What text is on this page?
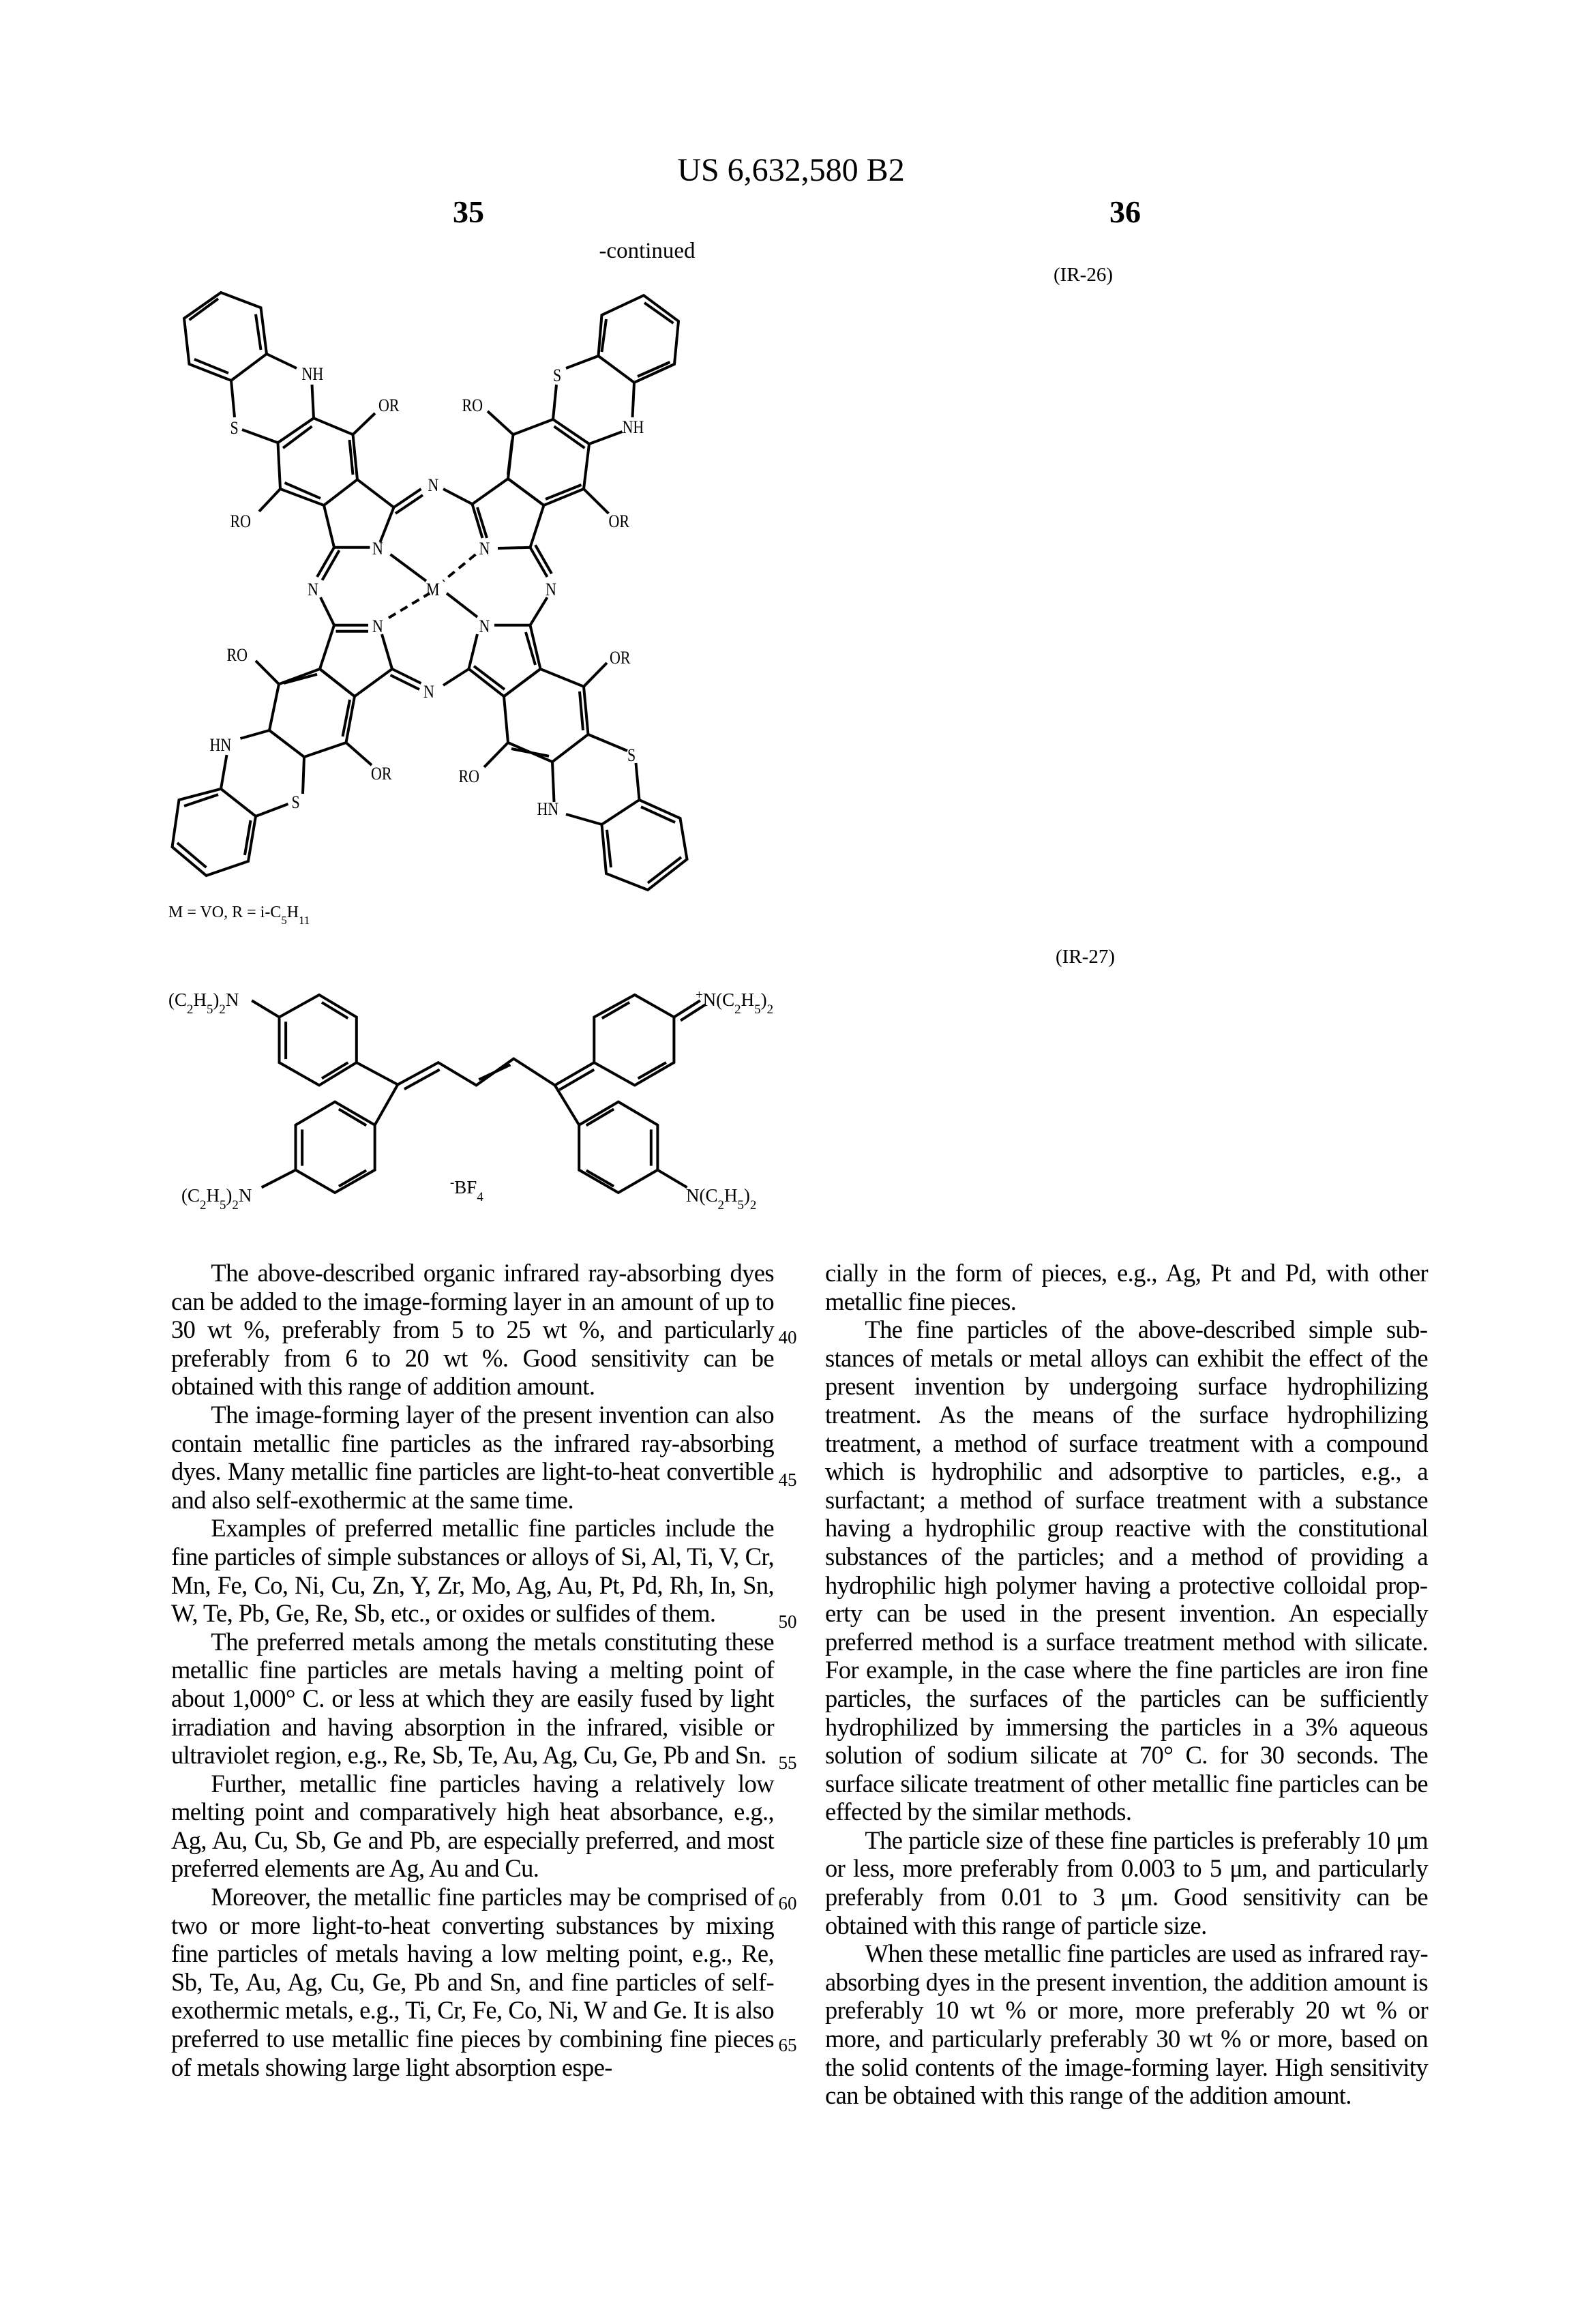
US 6,632,580 B2
35	36
-continued
(IR-26)
NH
S
OR
RO
S
NH
RO
OR
N
N	N
N	M	N
N	N
N
RO
OR
HN
S
OR
RO
S
HN
M = VO, R = i-C5H11
(IR-27)
(C2H5)2N	+N(C2H5)2
(C2H5)2N	N(C2H5)2
-BF4

The above-described organic infrared ray-absorbing dyes can be added to the image-forming layer in an amount of up to 30 wt %, preferably from 5 to 25 wt %, and particularly preferably from 6 to 20 wt %. Good sensitivity can be obtained with this range of addition amount.

The image-forming layer of the present invention can also contain metallic fine particles as the infrared ray-absorbing dyes. Many metallic fine particles are light-to-heat convert­ible and also self-exothermic at the same time.

Examples of preferred metallic fine particles include the fine particles of simple substances or alloys of Si, Al, Ti, V, Cr, Mn, Fe, Co, Ni, Cu, Zn, Y, Zr, Mo, Ag, Au, Pt, Pd, Rh, In, Sn, W, Te, Pb, Ge, Re, Sb, etc., or oxides or sulfides of them.

The preferred metals among the metals constituting these metallic fine particles are metals having a melting point of about 1,000° C. or less at which they are easily fused by light irradiation and having absorption in the infrared, visible or ultraviolet region, e.g., Re, Sb, Te, Au, Ag, Cu, Ge, Pb and Sn.

Further, metallic fine particles having a relatively low melting point and comparatively high heat absorbance, e.g., Ag, Au, Cu, Sb, Ge and Pb, are especially preferred, and most preferred elements are Ag, Au and Cu.

Moreover, the metallic fine particles may be comprised of two or more light-to-heat converting substances by mixing fine particles of metals having a low melting point, e.g., Re, Sb, Te, Au, Ag, Cu, Ge, Pb and Sn, and fine particles of self-exothermic metals, e.g., Ti, Cr, Fe, Co, Ni, W and Ge. It is also preferred to use metallic fine pieces by combining fine pieces of metals showing large light absorption espe-

cially in the form of pieces, e.g., Ag, Pt and Pd, with other metallic fine pieces.

The fine particles of the above-described simple sub­stances of metals or metal alloys can exhibit the effect of the present invention by undergoing surface hydrophilizing treatment. As the means of the surface hydrophilizing treatment, a method of surface treatment with a compound which is hydrophilic and adsorptive to particles, e.g., a surfactant; a method of surface treatment with a substance having a hydrophilic group reactive with the constitutional substances of the particles; and a method of providing a hydrophilic high polymer having a protective colloidal prop­erty can be used in the present invention. An especially preferred method is a surface treatment method with silicate. For example, in the case where the fine particles are iron fine particles, the surfaces of the particles can be sufficiently hydrophilized by immersing the particles in a 3% aqueous solution of sodium silicate at 70° C. for 30 seconds. The surface silicate treatment of other metallic fine particles can be effected by the similar methods.

The particle size of these fine particles is preferably 10 μm or less, more preferably from 0.003 to 5 μm, and particularly preferably from 0.01 to 3 μm. Good sensitivity can be obtained with this range of particle size.

When these metallic fine particles are used as infrared ray-absorbing dyes in the present invention, the addition amount is preferably 10 wt % or more, more preferably 20 wt % or more, and particularly preferably 30 wt % or more, based on the solid contents of the image-forming layer. High sensitivity can be obtained with this range of the addition amount.

40
45
50
55
60
65
